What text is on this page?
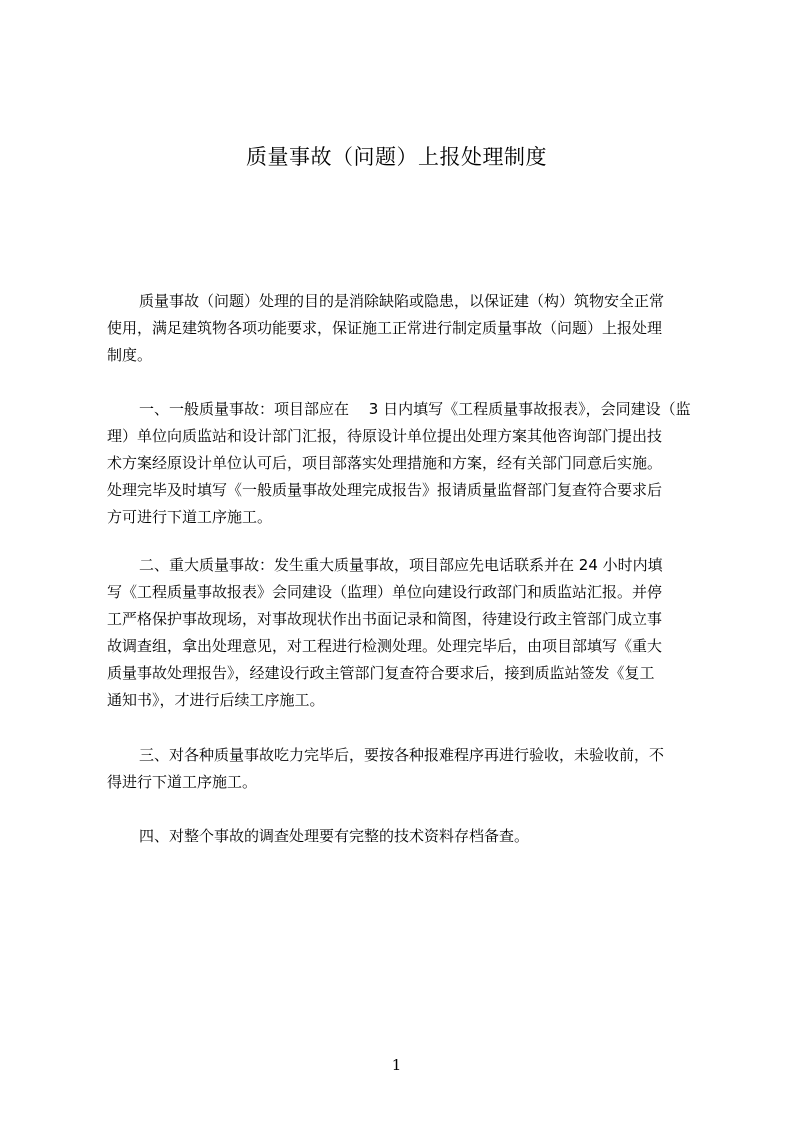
质量事故（问题）上报处理制度
质量事故（问题）处理的目的是消除缺陷或隐患，以保证建（构）筑物安全正常
使用，满足建筑物各项功能要求，保证施工正常进行制定质量事故（问题）上报处理
制度。
一、一般质量事故：项目部应在　 3 日内填写《工程质量事故报表》，会同建设（监
理）单位向质监站和设计部门汇报，待原设计单位提出处理方案其他咨询部门提出技
术方案经原设计单位认可后，项目部落实处理措施和方案，经有关部门同意后实施。
处理完毕及时填写《一般质量事故处理完成报告》报请质量监督部门复查符合要求后
方可进行下道工序施工。
二、重大质量事故：发生重大质量事故，项目部应先电话联系并在 24 小时内填
写《工程质量事故报表》会同建设（监理）单位向建设行政部门和质监站汇报。并停
工严格保护事故现场，对事故现状作出书面记录和简图，待建设行政主管部门成立事
故调查组，拿出处理意见，对工程进行检测处理。处理完毕后，由项目部填写《重大
质量事故处理报告》，经建设行政主管部门复查符合要求后，接到质监站签发《复工
通知书》，才进行后续工序施工。
三、对各种质量事故吃力完毕后，要按各种报难程序再进行验收，未验收前，不
得进行下道工序施工。
四、对整个事故的调查处理要有完整的技术资料存档备查。
1
